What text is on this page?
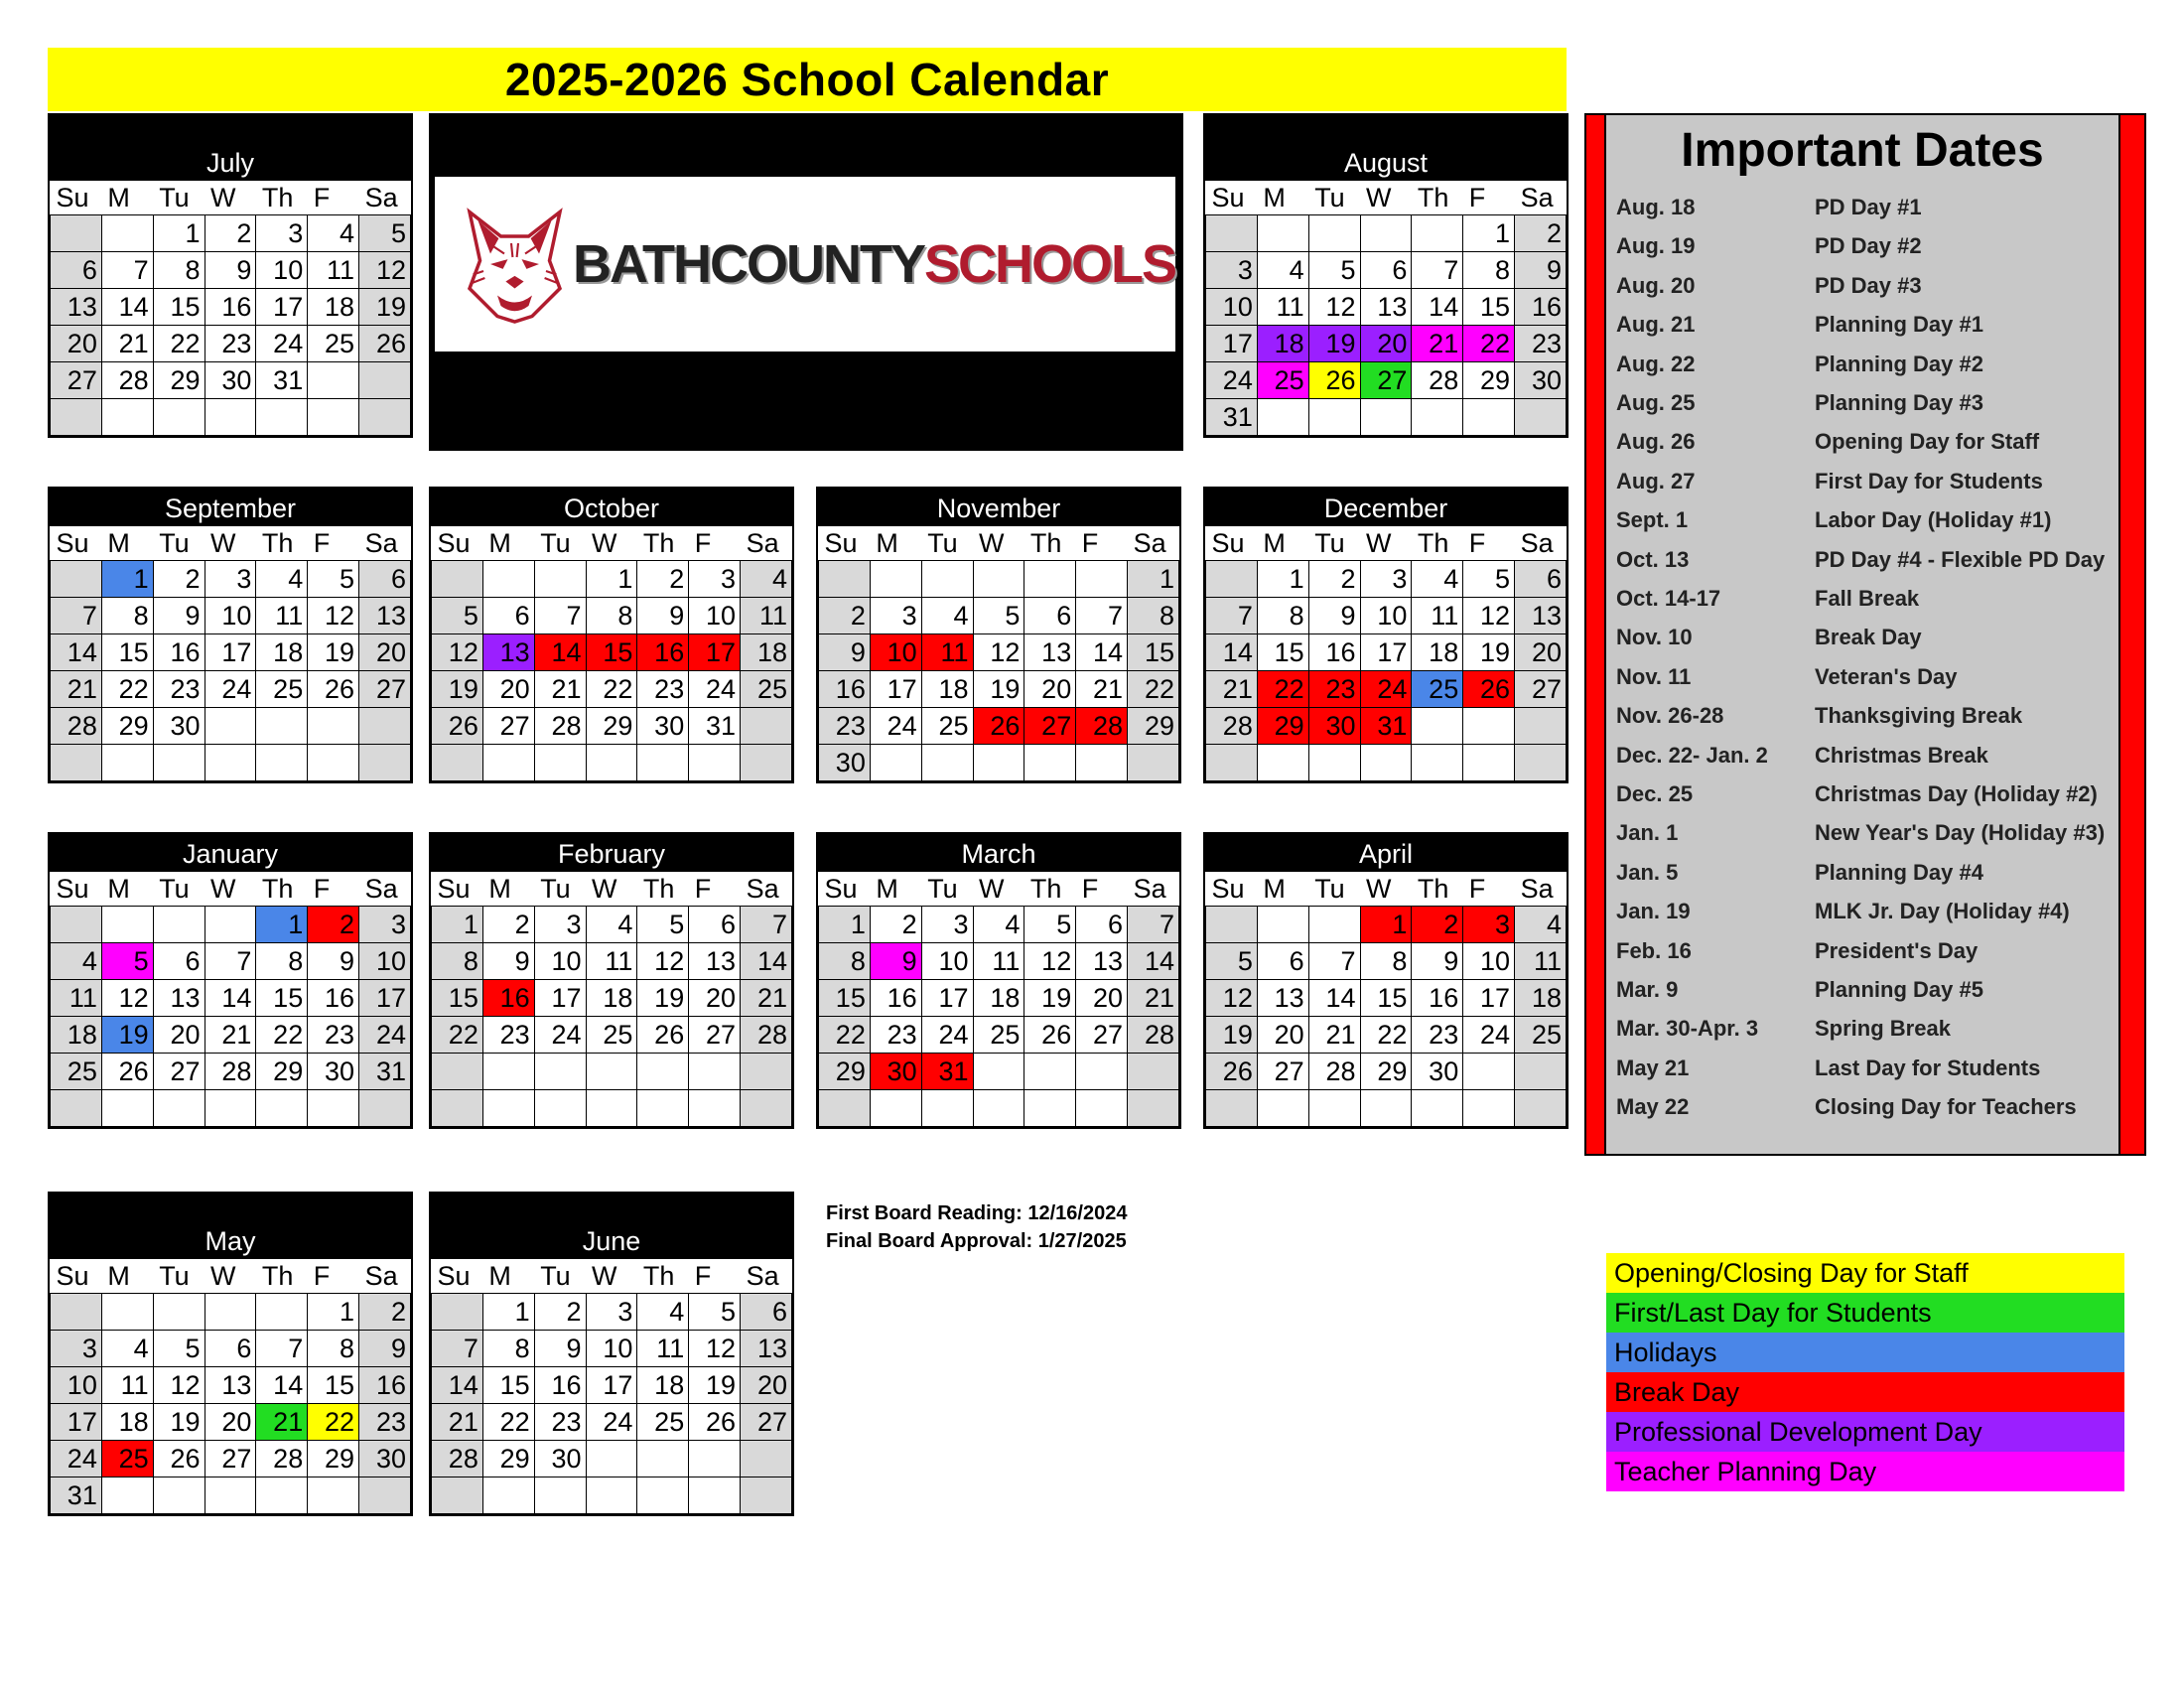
2025-2026 School Calendar
July
Su	M	Tu	W	Th	F	Sa
		1	2	3	4	5
6	7	8	9	10	11	12
13	14	15	16	17	18	19
20	21	22	23	24	25	26
27	28	29	30	31		

August
Su	M	Tu	W	Th	F	Sa
					1	2
3	4	5	6	7	8	9
10	11	12	13	14	15	16
17	18	19	20	21	22	23
24	25	26	27	28	29	30
31						
September
Su	M	Tu	W	Th	F	Sa
	1	2	3	4	5	6
7	8	9	10	11	12	13
14	15	16	17	18	19	20
21	22	23	24	25	26	27
28	29	30				

October
Su	M	Tu	W	Th	F	Sa
			1	2	3	4
5	6	7	8	9	10	11
12	13	14	15	16	17	18
19	20	21	22	23	24	25
26	27	28	29	30	31	

November
Su	M	Tu	W	Th	F	Sa
						1
2	3	4	5	6	7	8
9	10	11	12	13	14	15
16	17	18	19	20	21	22
23	24	25	26	27	28	29
30						
December
Su	M	Tu	W	Th	F	Sa
	1	2	3	4	5	6
7	8	9	10	11	12	13
14	15	16	17	18	19	20
21	22	23	24	25	26	27
28	29	30	31			

January
Su	M	Tu	W	Th	F	Sa
				1	2	3
4	5	6	7	8	9	10
11	12	13	14	15	16	17
18	19	20	21	22	23	24
25	26	27	28	29	30	31

February
Su	M	Tu	W	Th	F	Sa
1	2	3	4	5	6	7
8	9	10	11	12	13	14
15	16	17	18	19	20	21
22	23	24	25	26	27	28

March
Su	M	Tu	W	Th	F	Sa
1	2	3	4	5	6	7
8	9	10	11	12	13	14
15	16	17	18	19	20	21
22	23	24	25	26	27	28
29	30	31				

April
Su	M	Tu	W	Th	F	Sa
			1	2	3	4
5	6	7	8	9	10	11
12	13	14	15	16	17	18
19	20	21	22	23	24	25
26	27	28	29	30		

May
Su	M	Tu	W	Th	F	Sa
					1	2
3	4	5	6	7	8	9
10	11	12	13	14	15	16
17	18	19	20	21	22	23
24	25	26	27	28	29	30
31						
June
Su	M	Tu	W	Th	F	Sa
	1	2	3	4	5	6
7	8	9	10	11	12	13
14	15	16	17	18	19	20
21	22	23	24	25	26	27
28	29	30				

BATHCOUNTYSCHOOLS
Important Dates
Aug. 18	PD Day #1
Aug. 19	PD Day #2
Aug. 20	PD Day #3
Aug. 21	Planning Day #1
Aug. 22	Planning Day #2
Aug. 25	Planning Day #3
Aug. 26	Opening Day for Staff
Aug. 27	First Day for Students
Sept. 1	Labor Day (Holiday #1)
Oct. 13	PD Day #4 - Flexible PD Day
Oct. 14-17	Fall Break
Nov. 10	Break Day
Nov. 11	Veteran's Day
Nov. 26-28	Thanksgiving Break
Dec. 22- Jan. 2	Christmas Break
Dec. 25	Christmas Day (Holiday #2)
Jan. 1	New Year's Day (Holiday #3)
Jan. 5	Planning Day #4
Jan. 19	MLK Jr. Day (Holiday #4)
Feb. 16	President's Day
Mar. 9	Planning Day #5
Mar. 30-Apr. 3	Spring Break
May 21	Last Day for Students
May 22	Closing Day for Teachers
First Board Reading: 12/16/2024
Final Board Approval: 1/27/2025
Opening/Closing Day for Staff
First/Last Day for Students
Holidays
Break Day
Professional Development Day
Teacher Planning Day
